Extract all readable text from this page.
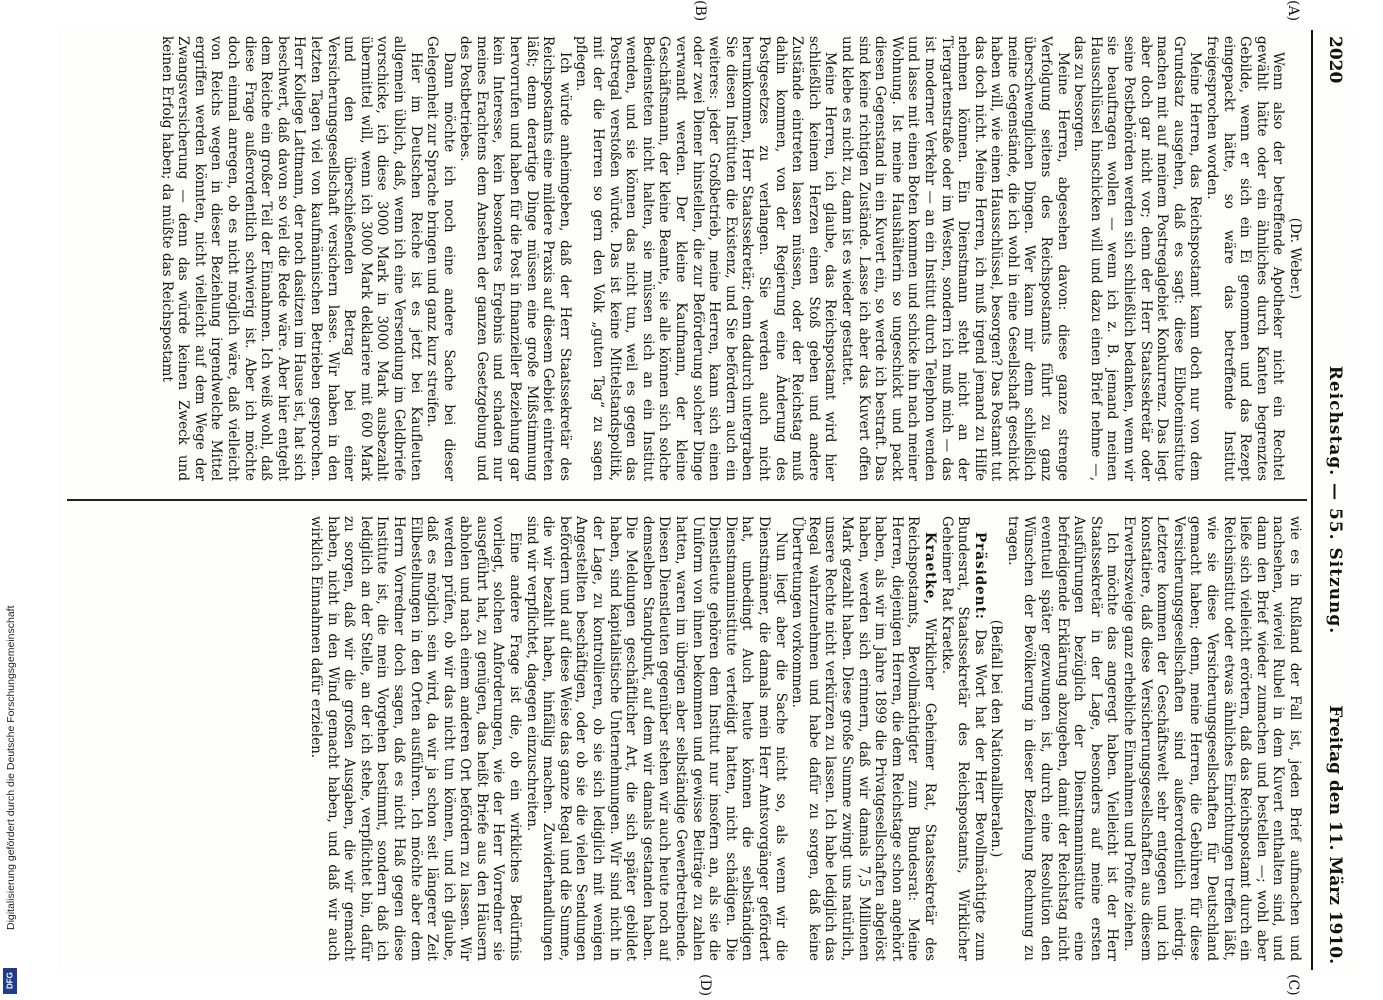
Digitalisierung gefördert durch die Deutsche Forschungsgemeinschaft
DFG
2020
Reichstag. — 55. Sitzung.
Freitag den 11. März 1910.
(A)
(B)
(C)
(D)

(Dr. Weber.)

Wenn also der betreffende Apotheker nicht ein Rechtel gewählt hätte oder ein ähnliches durch Kanten begrenztes Gebilde, wenn er sich ein Ei genommen und das Rezept eingepackt hätte, so wäre das betreffende Institut freigesprochen worden.

Meine Herren, das Reichspostamt kann doch nur von dem Grundsatz ausgehen, daß es sagt: diese Eilboteninstitute machen mit auf meinem Postregalgebiet Konkurrenz. Das liegt aber doch gar nicht vor; denn der Herr Staatssekretär oder seine Postbehörden werden sich schließlich bedanken, wenn wir sie beauftragen wollen — wenn ich z. B. jemand meinen Hausschlüssel hinschicken will und dazu einen Brief nehme —, das zu besorgen.

Meine Herren, abgesehen davon: diese ganze strenge Verfolgung seitens des Reichspostamts führt zu ganz überschwenglichen Dingen. Wer kann mir denn schließlich meine Gegenstände, die ich wohl in eine Gesellschaft geschickt haben will, wie einen Hausschlüssel, besorgen? Das Postamt tut das doch nicht. Meine Herren, ich muß irgend jemand zu Hilfe nehmen können. Ein Dienstmann steht nicht an der Tiergartenstraße oder im Westen, sondern ich muß mich — das ist moderner Verkehr — an ein Institut durch Telephon wenden und lasse mit einen Boten kommen und schicke ihn nach meiner Wohnung. Ist meine Haushälterin so ungeschickt und packt diesen Gegenstand in ein Kuvert ein, so werde ich bestraft. Das sind keine richtigen Zustände. Lasse ich aber das Kuvert offen und klebe es nicht zu, dann ist es wieder gestattet.

Meine Herren, ich glaube, das Reichspostamt wird hier schließlich keinem Herzen einen Stoß geben und andere Zustände eintreten lassen müssen, oder der Reichstag muß dahin kommen, von der Regierung eine Änderung des Postgesetzes zu verlangen. Sie werden auch nicht herumkommen, Herr Staatssekretär; denn dadurch untergraben Sie diesen Instituten die Existenz, und Sie befördern auch ein weiteres: jeder Großbetrieb, meine Herren, kann sich einen oder zwei Diener hinstellen, die zur Beförderung solcher Dinge verwandt werden. Der kleine Kaufmann, der kleine Geschäftsmann, der kleine Beamte, sie alle können sich solche Bediensteten nicht halten, sie müssen sich an ein Institut wenden, und sie können das nicht tun, weil es gegen das Postregal verstoßen würde. Das ist keine Mittelstandspolitik, mit der die Herren so gern den Volk „guten Tag“ zu sagen pflegen.

Ich würde anheimgeben, daß der Herr Staatssekretär des Reichspostamts eine mildere Praxis auf diesem Gebiet eintreten läßt; denn derartige Dinge müssen eine große Mißstimmung hervorrufen und haben für die Post in finanzieller Beziehung gar kein Interesse, kein besonderes Ergebnis und schaden nur meines Erachtens dem Ansehen der ganzen Gesetzgebung und des Postbetriebes.

Dann möchte ich noch eine andere Sache bei dieser Gelegenheit zur Sprache bringen und ganz kurz streifen.

Hier im Deutschen Reiche ist es jetzt bei Kaufleuten allgemein üblich, daß, wenn ich eine Versendung im Geldbriefe vorschicke, ich diese 3000 Mark in 3000 Mark ausbezahlt übermittel will, wenn ich 3000 Mark deklariere mit 600 Mark und den überschießenden Betrag bei einer Versicherungsgesellschaft versichern lasse. Wir haben in den letzten Tagen viel von kaufmännischen Betrieben gesprochen. Herr Kollege Lattmann, der noch dasitzen im Hause ist, hat sich beschwert, daß davon so viel die Rede wäre. Aber hier entgeht dem Reiche ein großer Teil der Einnahmen. Ich weiß wohl, daß diese Frage außerordentlich schwierig ist. Aber ich möchte doch einmal anregen, ob es nicht möglich wäre, daß vielleicht von Reichs wegen in dieser Beziehung irgendwelche Mittel ergriffen werden könnten, nicht vielleicht auf dem Wege der Zwangsversicherung — denn das würde keinen Zweck und keinen Erfolg haben; da müßte das Reichspostamt

wie es in Rußland der Fall ist, jeden Brief aufmachen und nachsehen, wieviel Rubel in dem Kuvert enthalten sind, und dann den Brief wieder zumachen und bestellen —; wohl aber ließe sich vielleicht erörtern, daß das Reichspostamt durch ein Reichsinstitut oder etwas ähnliches Einrichtungen treffen läßt, wie sie diese Versicherungsgesellschaften für Deutschland gemacht haben; denn, meine Herren, die Gebühren für diese Versicherungsgesellschaften sind außerordentlich niedrig. Letztere kommen der Geschäftswelt sehr entgegen und ich konstatiere, daß diese Versicherungsgesellschaften aus diesem Erwerbszweige ganz erhebliche Einnahmen und Profite ziehen.

Ich möchte das angeregt haben. Vielleicht ist der Herr Staatssekretär in der Lage, besonders auf meine ersten Ausführungen bezüglich der Dienstmanninstitute eine befriedigende Erklärung abzugeben, damit der Reichstag nicht eventuell später gezwungen ist, durch eine Resolution den Wünschen der Bevölkerung in dieser Beziehung Rechnung zu tragen.

(Beifall bei den Nationalliberalen.)

Präsident: Das Wort hat der Herr Bevollmächtigte zum Bundesrat, Staatssekretär des Reichspostamts, Wirklicher Geheimer Rat Kraetke.

Kraetke, Wirklicher Geheimer Rat, Staatssekretär des Reichspostamts, Bevollmächtigter zum Bundesrat: Meine Herren, diejenigen Herren, die dem Reichstage schon angehört haben, als wir im Jahre 1899 die Privatgesellschaften abgelöst haben, werden sich erinnern, daß wir damals 7,5 Millionen Mark gezahlt haben. Diese große Summe zwingt uns natürlich, unsere Rechte nicht verkürzen zu lassen. Ich habe lediglich das Regal wahrzunehmen und habe dafür zu sorgen, daß keine Übertretungen vorkommen.

Nun liegt aber die Sache nicht so, als wenn wir die Dienstmänner, die damals mein Herr Amtsvorgänger gefördert hat, unbedingt Auch heute können die selbständigen Dienstmanninstitute verteidigt hatten, nicht schädigen. Die Dienstleute gehören dem Institut nur insofern an, als sie die Uniform von ihnen bekommen und gewisse Beiträge zu zahlen hatten, waren im übrigen aber selbständige Gewerbetreibende. Diesen Dienstleuten gegenüber stehen wir auch heute noch auf demselben Standpunkt, auf dem wir damals gestanden haben. Die Meldungen geschäftlicher Art, die sich später gebildet haben, sind kapitalistische Unternehmungen. Wir sind nicht in der Lage, zu kontrollieren, ob sie sich lediglich mit wenigen Angestellten beschäftigen, oder ob sie die vielen Sendungen befördern und auf diese Weise das ganze Regal und die Summe, die wir bezahlt haben, hinfällig machen. Zuwiderhandlungen sind wir verpflichtet, dagegen einzuschreiten.

Eine andere Frage ist die, ob ein wirkliches Bedürfnis vorliegt, solchen Anforderungen, wie der Herr Vorredner sie ausgeführt hat, zu genügen, das heißt Briefe aus den Häusern abholen und nach einem anderen Ort befördern zu lassen. Wir werden prüfen, ob wir das nicht tun können, und ich glaube, daß es möglich sein wird, da wir ja schon seit längerer Zeit Eilbestellungen in den Orten ausführen. Ich möchte aber dem Herrn Vorredner doch sagen, daß es nicht Haß gegen diese Institute ist, die mein Vorgehen bestimmt, sondern daß ich lediglich an der Stelle, an der ich stehe, verpflichtet bin, dafür zu sorgen, daß wir die großen Ausgaben, die wir gemacht haben, nicht in den Wind gemacht haben, und daß wir auch wirklich Einnahmen dafür erzielen.
